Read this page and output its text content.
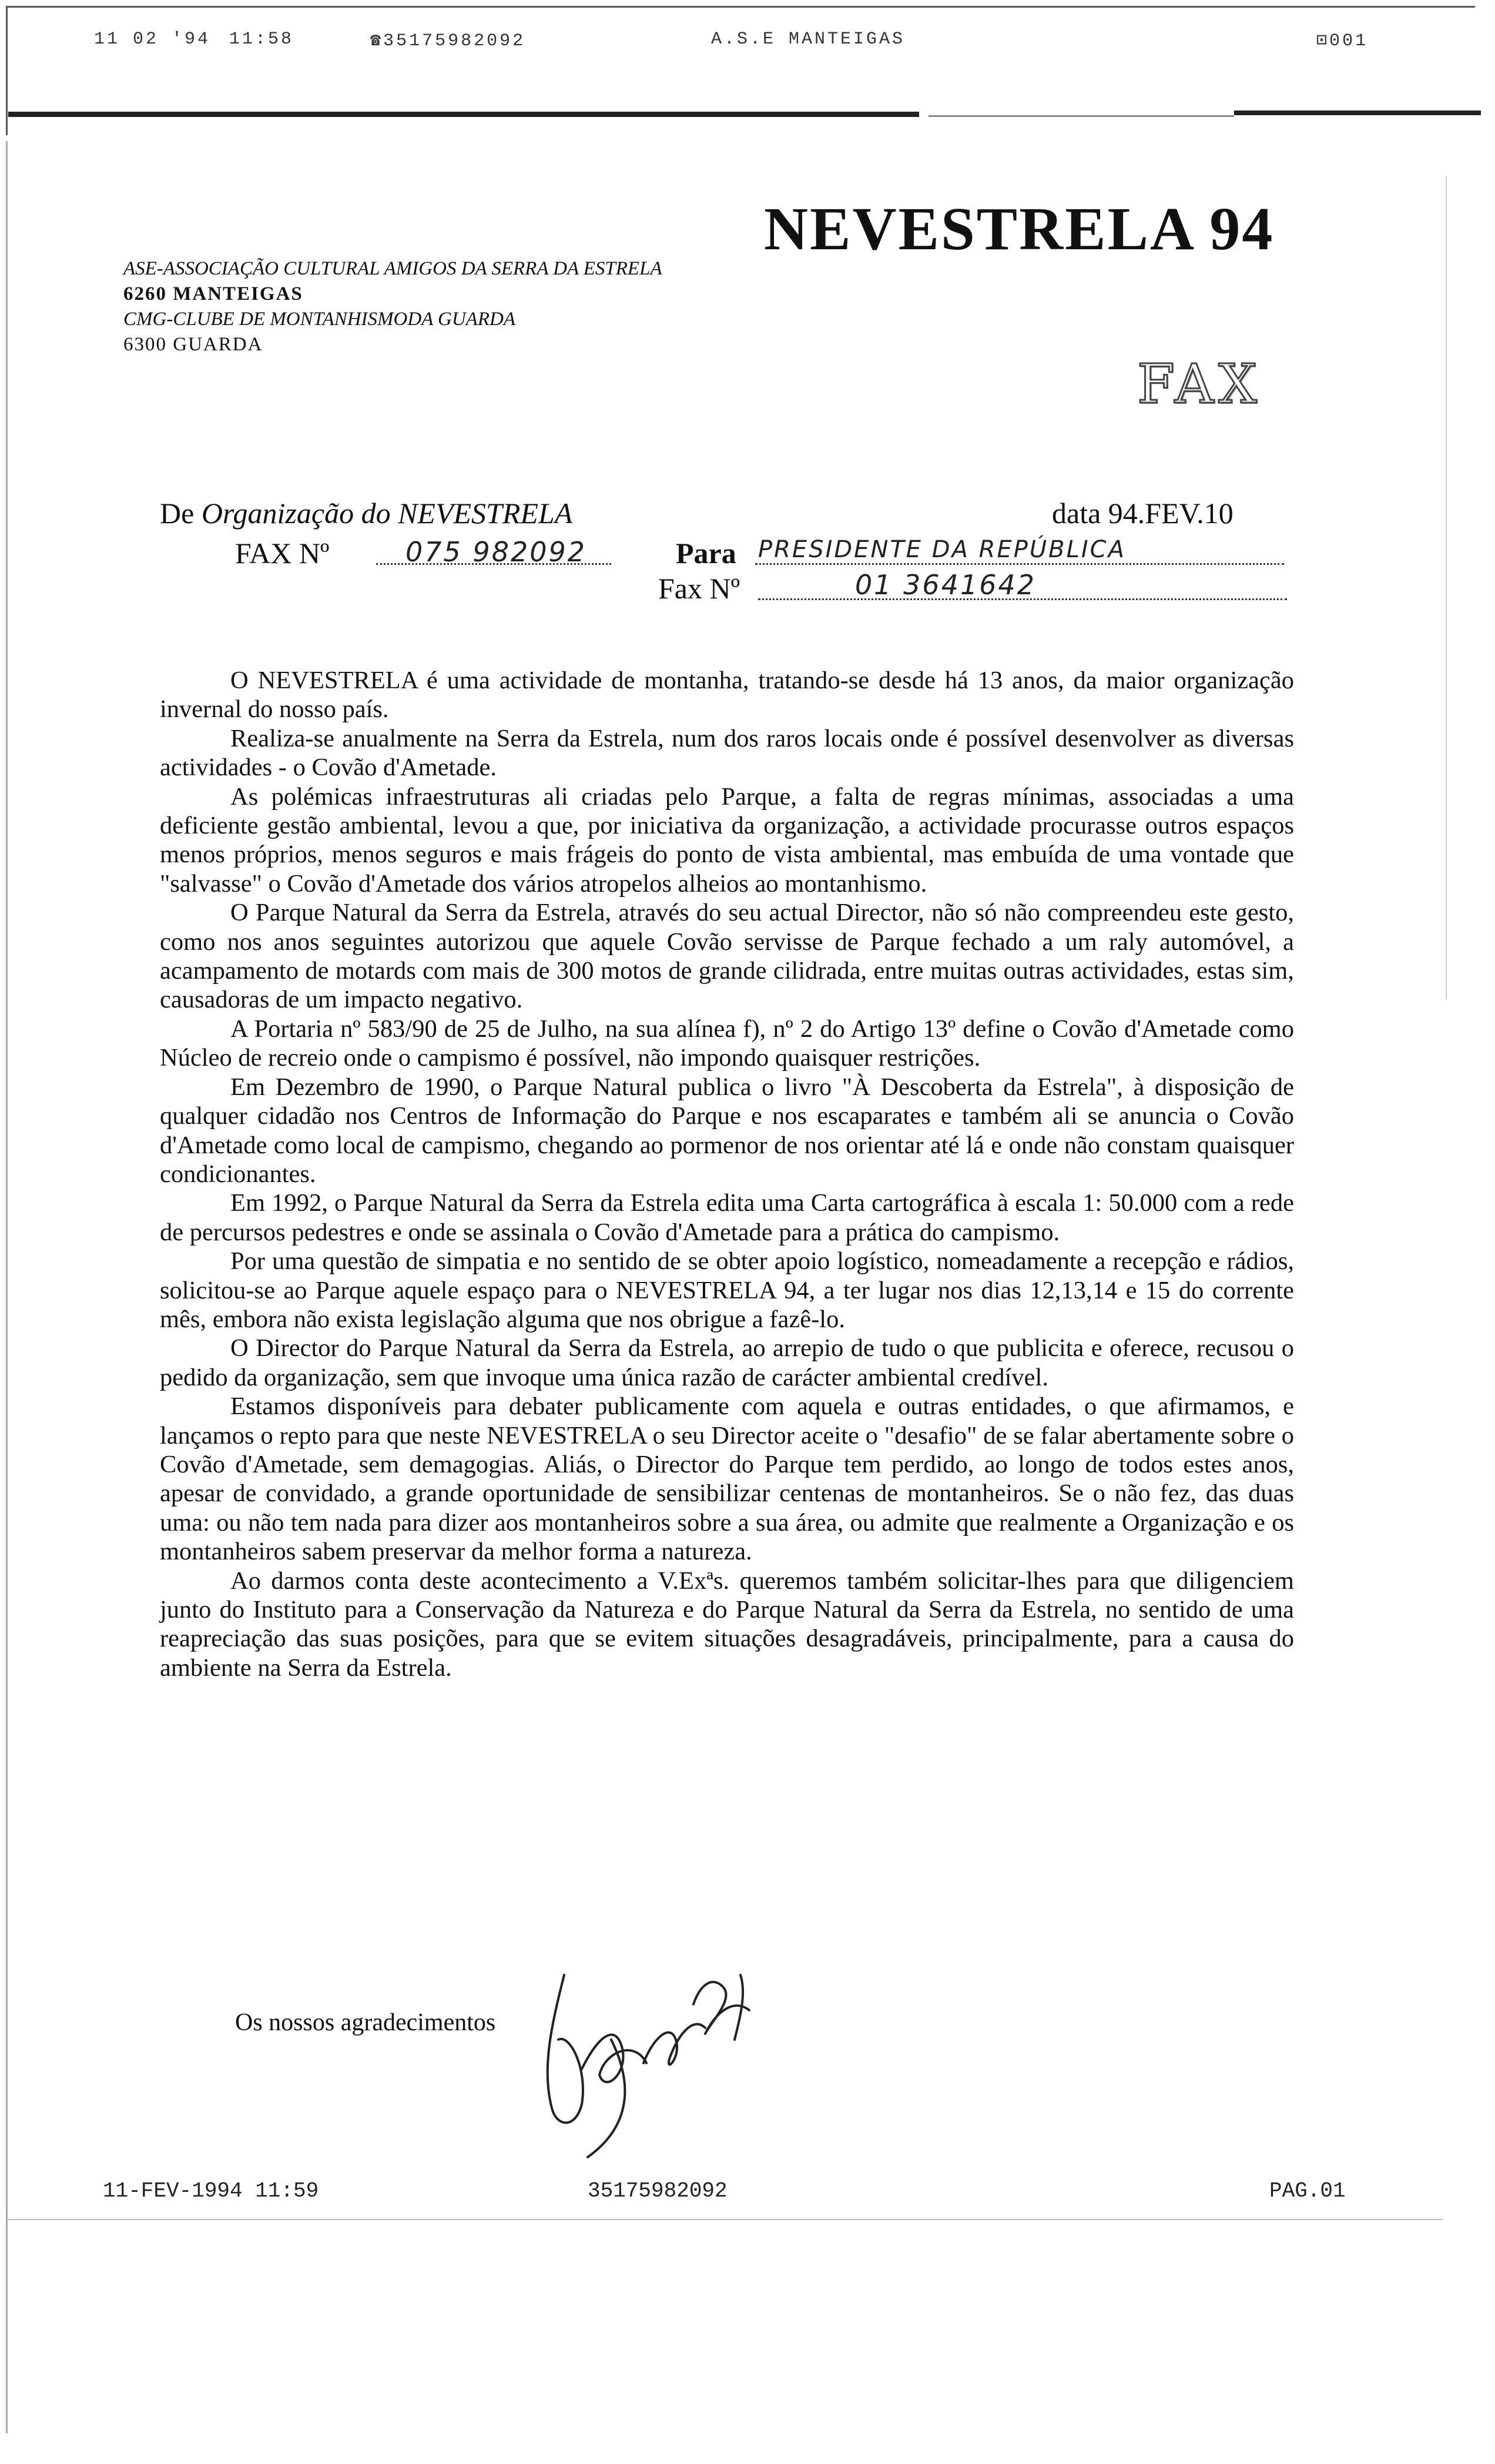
11 02 '94 11:58	☎35175982092	A.S.E MANTEIGAS	⊡001
NEVESTRELA 94
ASE-ASSOCIAÇÃO CULTURAL AMIGOS DA SERRA DA ESTRELA
6260 MANTEIGAS
CMG-CLUBE DE MONTANHISMODA GUARDA
6300 GUARDA
FAX
De Organização do NEVESTRELA	data 94.FEV.10
FAX Nº	075 982092	Para PRESIDENTE DA REPÚBLICA
Fax Nº	01 3641642

O NEVESTRELA é uma actividade de montanha, tratando-se desde há 13 anos, da maior organização invernal do nosso país.

Realiza-se anualmente na Serra da Estrela, num dos raros locais onde é possível desenvolver as diversas actividades - o Covão d'Ametade.

As polémicas infraestruturas ali criadas pelo Parque, a falta de regras mínimas, associadas a uma deficiente gestão ambiental, levou a que, por iniciativa da organização, a actividade procurasse outros espaços menos próprios, menos seguros e mais frágeis do ponto de vista ambiental, mas embuída de uma vontade que "salvasse" o Covão d'Ametade dos vários atropelos alheios ao montanhismo.

O Parque Natural da Serra da Estrela, através do seu actual Director, não só não compreendeu este gesto, como nos anos seguintes autorizou que aquele Covão servisse de Parque fechado a um raly automóvel, a acampamento de motards com mais de 300 motos de grande cilidrada, entre muitas outras actividades, estas sim, causadoras de um impacto negativo.

A Portaria nº 583/90 de 25 de Julho, na sua alínea f), nº 2 do Artigo 13º define o Covão d'Ametade como Núcleo de recreio onde o campismo é possível, não impondo quaisquer restrições.

Em Dezembro de 1990, o Parque Natural publica o livro "À Descoberta da Estrela", à disposição de qualquer cidadão nos Centros de Informação do Parque e nos escaparates e também ali se anuncia o Covão d'Ametade como local de campismo, chegando ao pormenor de nos orientar até lá e onde não constam quaisquer condicionantes.

Em 1992, o Parque Natural da Serra da Estrela edita uma Carta cartográfica à escala 1: 50.000 com a rede de percursos pedestres e onde se assinala o Covão d'Ametade para a prática do campismo.

Por uma questão de simpatia e no sentido de se obter apoio logístico, nomeadamente a recepção e rádios, solicitou-se ao Parque aquele espaço para o NEVESTRELA 94, a ter lugar nos dias 12,13,14 e 15 do corrente mês, embora não exista legislação alguma que nos obrigue a fazê-lo.

O Director do Parque Natural da Serra da Estrela, ao arrepio de tudo o que publicita e oferece, recusou o pedido da organização, sem que invoque uma única razão de carácter ambiental credível.

Estamos disponíveis para debater publicamente com aquela e outras entidades, o que afirmamos, e lançamos o repto para que neste NEVESTRELA o seu Director aceite o "desafio" de se falar abertamente sobre o Covão d'Ametade, sem demagogias. Aliás, o Director do Parque tem perdido, ao longo de todos estes anos, apesar de convidado, a grande oportunidade de sensibilizar centenas de montanheiros. Se o não fez, das duas uma: ou não tem nada para dizer aos montanheiros sobre a sua área, ou admite que realmente a Organização e os montanheiros sabem preservar da melhor forma a natureza.

Ao darmos conta deste acontecimento a V.Exªs. queremos também solicitar-lhes para que diligenciem junto do Instituto para a Conservação da Natureza e do Parque Natural da Serra da Estrela, no sentido de uma reapreciação das suas posições, para que se evitem situações desagradáveis, principalmente, para a causa do ambiente na Serra da Estrela.

Os nossos agradecimentos
11-FEV-1994 11:59	35175982092	PAG.01
